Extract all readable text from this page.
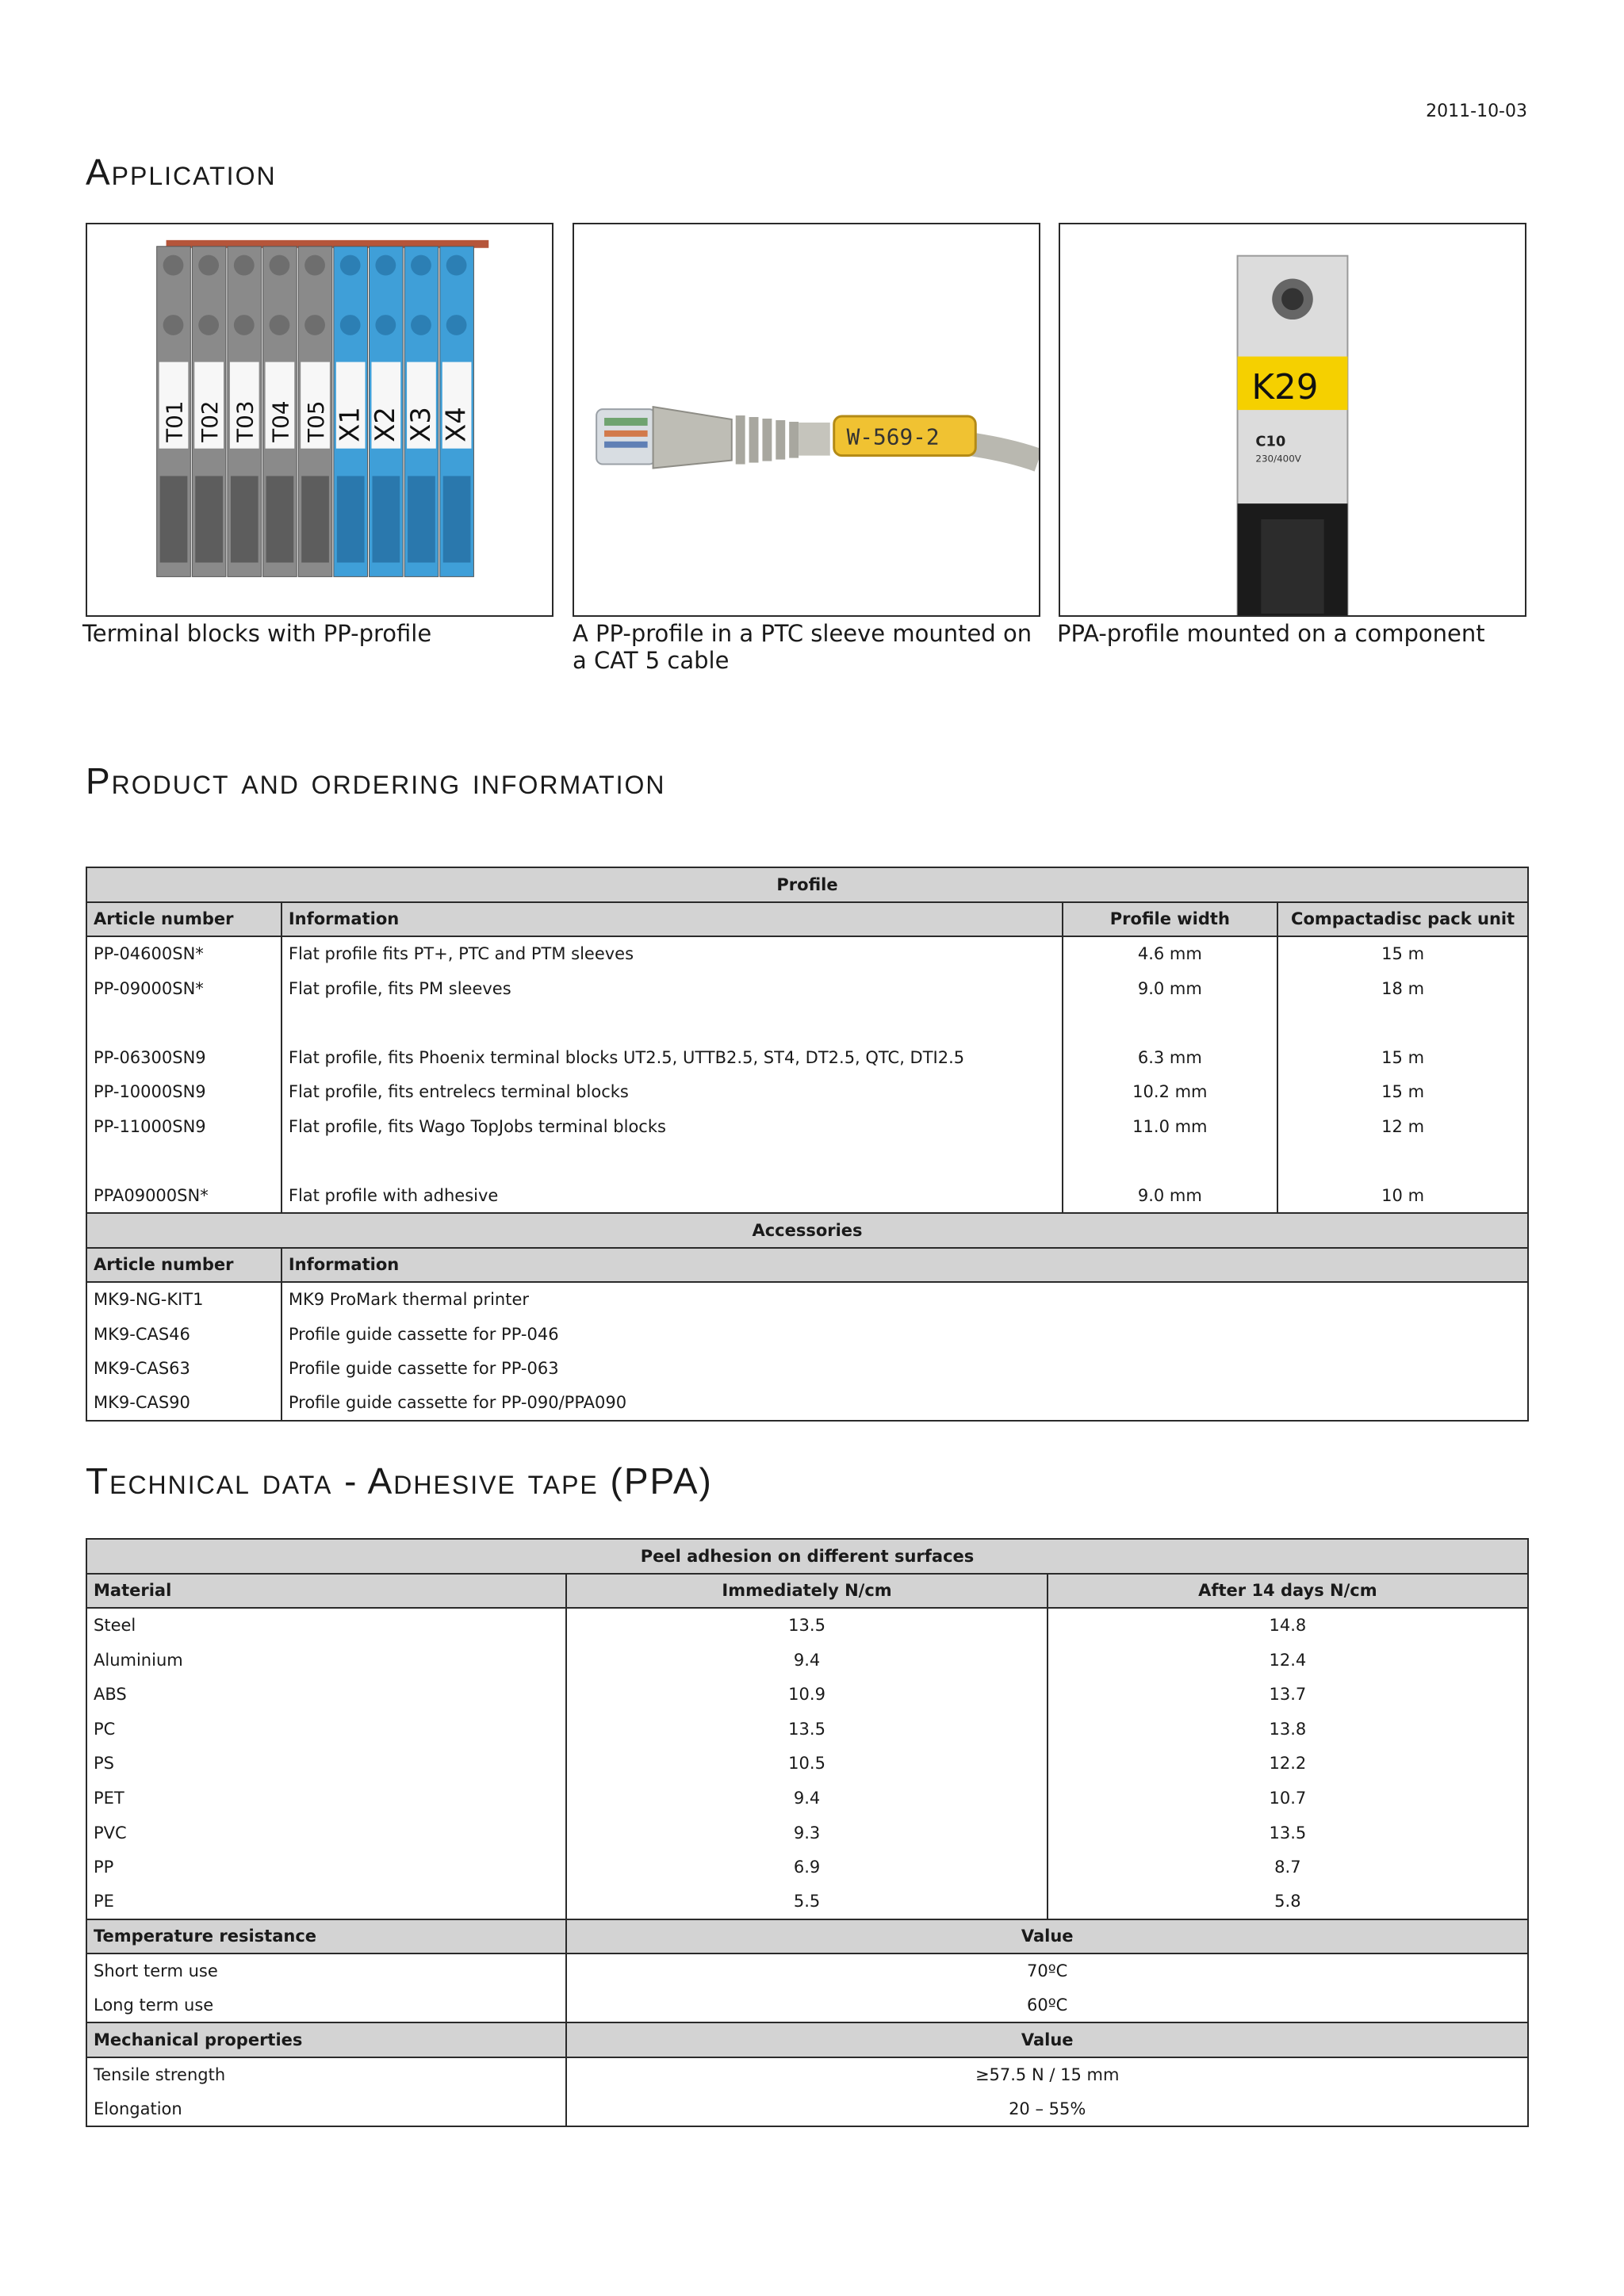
2011-10-03
Application
T01 T02 T03 T04 T05 X1 X2 X3 X4	W-569-2
K29
C10
230/400V
Terminal blocks with PP-profile	A PP-profile in a PTC sleeve mounted on a CAT 5 cable
PPA-profile mounted on a component
Product and ordering information
Profile			
Article number	Information	Profile width	Compactadisc pack unit
PP-04600SN*	Flat profile fits PT+, PTC and PTM sleeves	4.6 mm	15 m
PP-09000SN*	Flat profile, fits PM sleeves	9.0 mm	18 m

PP-06300SN9	Flat profile, fits Phoenix terminal blocks UT2.5, UTTB2.5, ST4, DT2.5, QTC, DTI2.5	6.3 mm	15 m
PP-10000SN9	Flat profile, fits entrelecs terminal blocks	10.2 mm	15 m
PP-11000SN9	Flat profile, fits Wago TopJobs terminal blocks	11.0 mm	12 m

PPA09000SN*	Flat profile with adhesive	9.0 mm	10 m
Accessories			
Article number	Information		
MK9-NG-KIT1	MK9 ProMark thermal printer		
MK9-CAS46	Profile guide cassette for PP-046		
MK9-CAS63	Profile guide cassette for PP-063		
MK9-CAS90	Profile guide cassette for PP-090/PPA090		
Technical data - Adhesive tape (PPA)
Peel adhesion on different surfaces		
Material	Immediately N/cm	After 14 days N/cm
Steel	13.5	14.8
Aluminium	9.4	12.4
ABS	10.9	13.7
PC	13.5	13.8
PS	10.5	12.2
PET	9.4	10.7
PVC	9.3	13.5
PP	6.9	8.7
PE	5.5	5.8
Temperature resistance	Value	
Short term use	70ºC	
Long term use	60ºC	
Mechanical properties	Value	
Tensile strength	≥57.5 N / 15 mm	
Elongation	20 – 55%	
